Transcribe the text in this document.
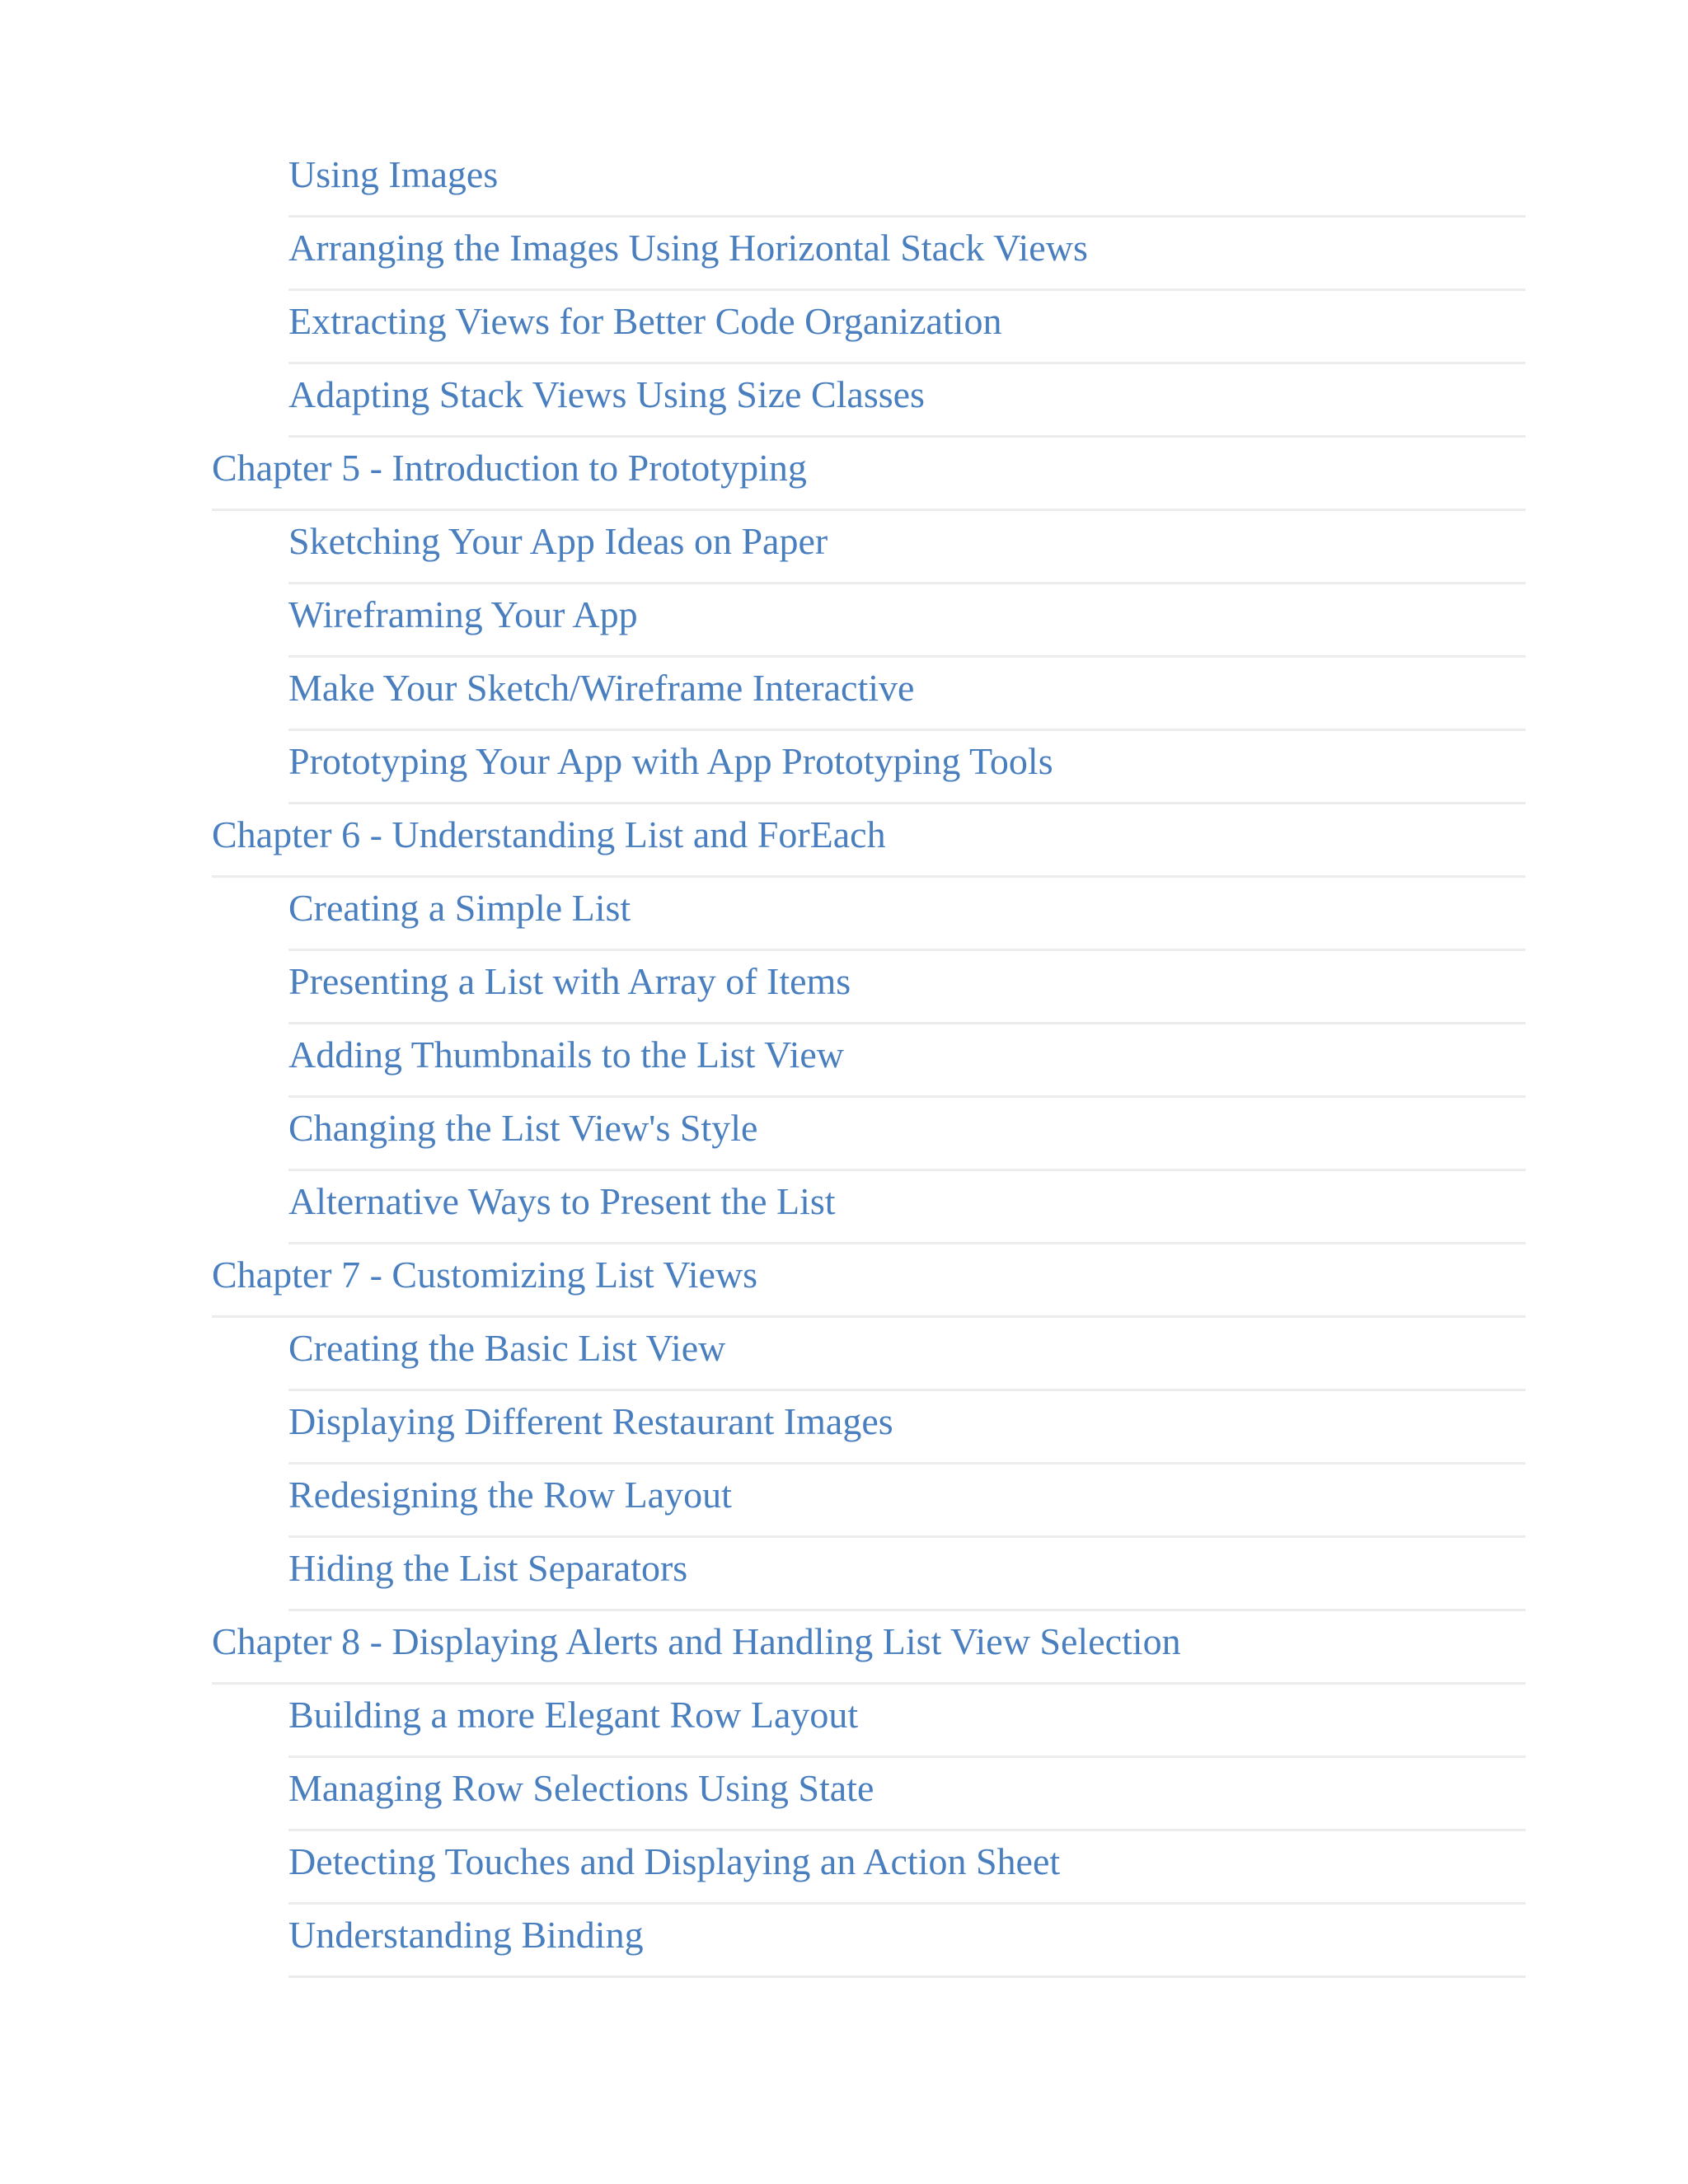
Using Images
Arranging the Images Using Horizontal Stack Views
Extracting Views for Better Code Organization
Adapting Stack Views Using Size Classes
Chapter 5 - Introduction to Prototyping
Sketching Your App Ideas on Paper
Wireframing Your App
Make Your Sketch/Wireframe Interactive
Prototyping Your App with App Prototyping Tools
Chapter 6 - Understanding List and ForEach
Creating a Simple List
Presenting a List with Array of Items
Adding Thumbnails to the List View
Changing the List View's Style
Alternative Ways to Present the List
Chapter 7 - Customizing List Views
Creating the Basic List View
Displaying Different Restaurant Images
Redesigning the Row Layout
Hiding the List Separators
Chapter 8 - Displaying Alerts and Handling List View Selection
Building a more Elegant Row Layout
Managing Row Selections Using State
Detecting Touches and Displaying an Action Sheet
Understanding Binding
